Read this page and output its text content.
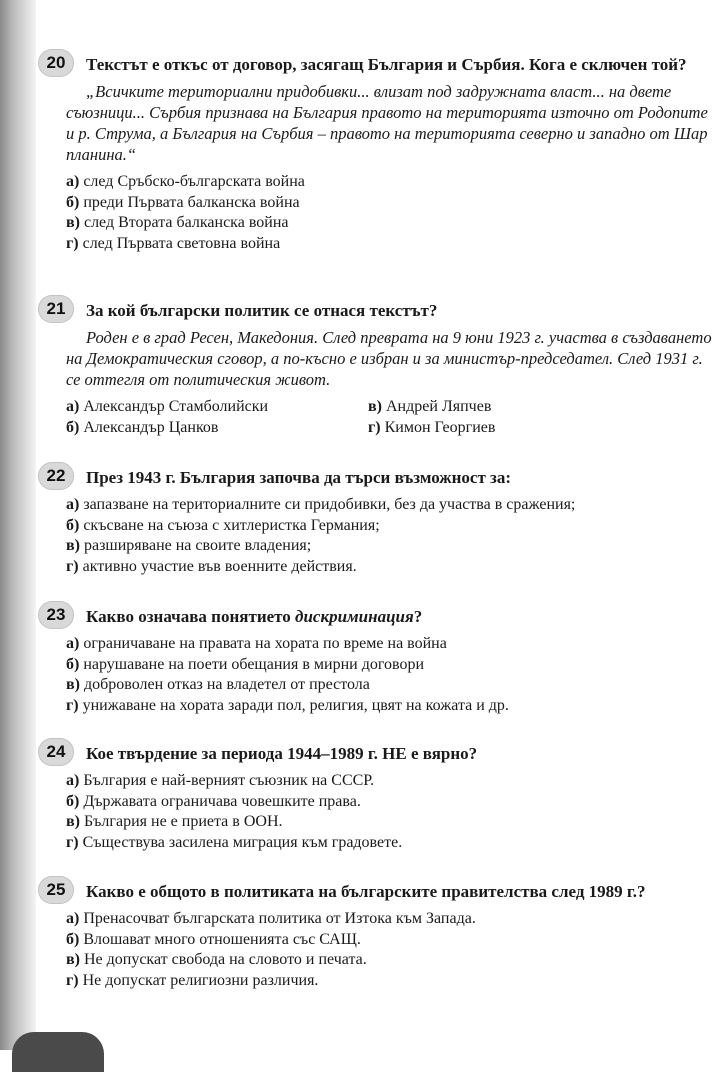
20	Текстът е откъс от договор, засягащ България и Сърбия. Кога е сключен той?
„Всичките териториални придобивки... влизат под задружната власт... на двете съюзници... Сърбия признава на България правото на територията източно от Родопите и р. Струма, а България на Сърбия – правото на територията северно и западно от Шар планина.“
а) след Сръбско-българската война
б) преди Първата балканска война
в) след Втората балканска война
г) след Първата световна война
21	За кой български политик се отнася текстът?
Роден е в град Ресен, Македония. След преврата на 9 юни 1923 г. участва в създаването на Демократическия сговор, а по-късно е избран и за министър-председател. След 1931 г. се оттегля от политическия живот.
а) Александър Стамболийски	в) Андрей Ляпчев
б) Александър Цанков	г) Кимон Георгиев
22	През 1943 г. България започва да търси възможност за:
а) запазване на териториалните си придобивки, без да участва в сражения;
б) скъсване на съюза с хитлеристка Германия;
в) разширяване на своите владения;
г) активно участие във военните действия.
23	Какво означава понятието дискриминация?
а) ограничаване на правата на хората по време на война
б) нарушаване на поети обещания в мирни договори
в) доброволен отказ на владетел от престола
г) унижаване на хората заради пол, религия, цвят на кожата и др.
24	Кое твърдение за периода 1944–1989 г. НЕ е вярно?
а) България е най-верният съюзник на СССР.
б) Държавата ограничава човешките права.
в) България не е приета в ООН.
г) Съществува засилена миграция към градовете.
25	Какво е общото в политиката на българските правителства след 1989 г.?
а) Пренасочват българската политика от Изтока към Запада.
б) Влошават много отношенията със САЩ.
в) Не допускат свобода на словото и печата.
г) Не допускат религиозни различия.
